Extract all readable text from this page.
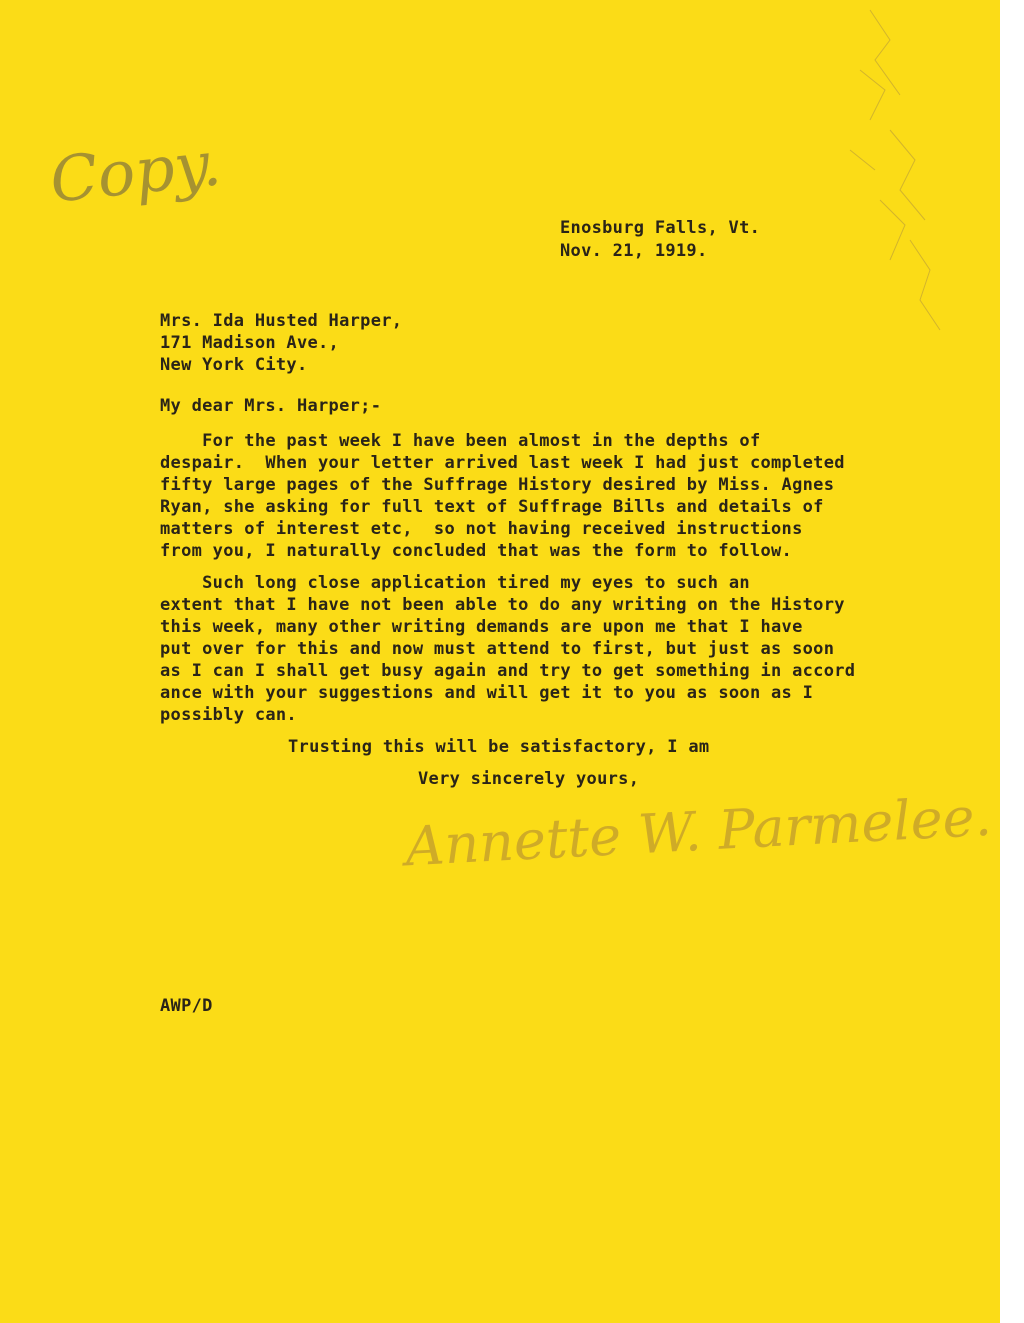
Copy.
Enosburg Falls, Vt.
Nov. 21, 1919.
Mrs. Ida Husted Harper,
171 Madison Ave.,
New York City.
My dear Mrs. Harper;-
For the past week I have been almost in the depths of
despair.  When your letter arrived last week I had just completed
fifty large pages of the Suffrage History desired by Miss. Agnes
Ryan, she asking for full text of Suffrage Bills and details of
matters of interest etc,  so not having received instructions
from you, I naturally concluded that was the form to follow.
Such long close application tired my eyes to such an
extent that I have not been able to do any writing on the History
this week, many other writing demands are upon me that I have
put over for this and now must attend to first, but just as soon
as I can I shall get busy again and try to get something in accord
ance with your suggestions and will get it to you as soon as I
possibly can.
Trusting this will be satisfactory, I am
Very sincerely yours,
Annette W. Parmelee.
AWP/D
